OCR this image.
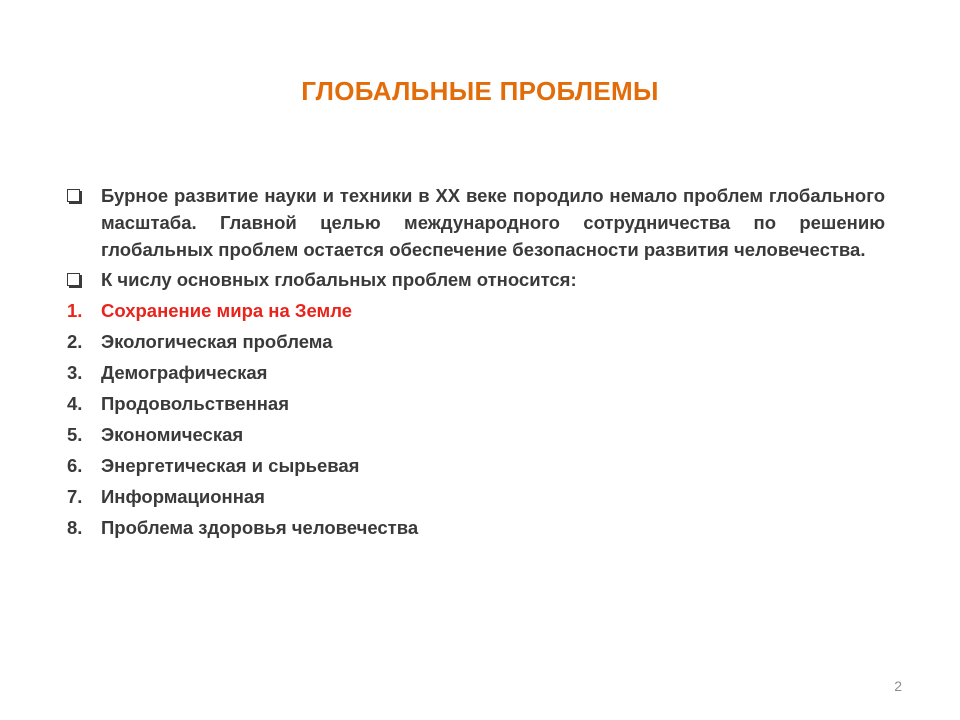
ГЛОБАЛЬНЫЕ ПРОБЛЕМЫ
Бурное развитие науки и техники в XX веке породило немало проблем глобального масштаба. Главной целью международного сотрудничества по решению глобальных проблем остается обеспечение безопасности развития человечества.
К числу основных глобальных проблем относится:
1.	Сохранение мира на Земле
2.	Экологическая проблема
3.	Демографическая
4.	Продовольственная
5.	Экономическая
6.	Энергетическая и сырьевая
7.	Информационная
8.	Проблема здоровья человечества
2
